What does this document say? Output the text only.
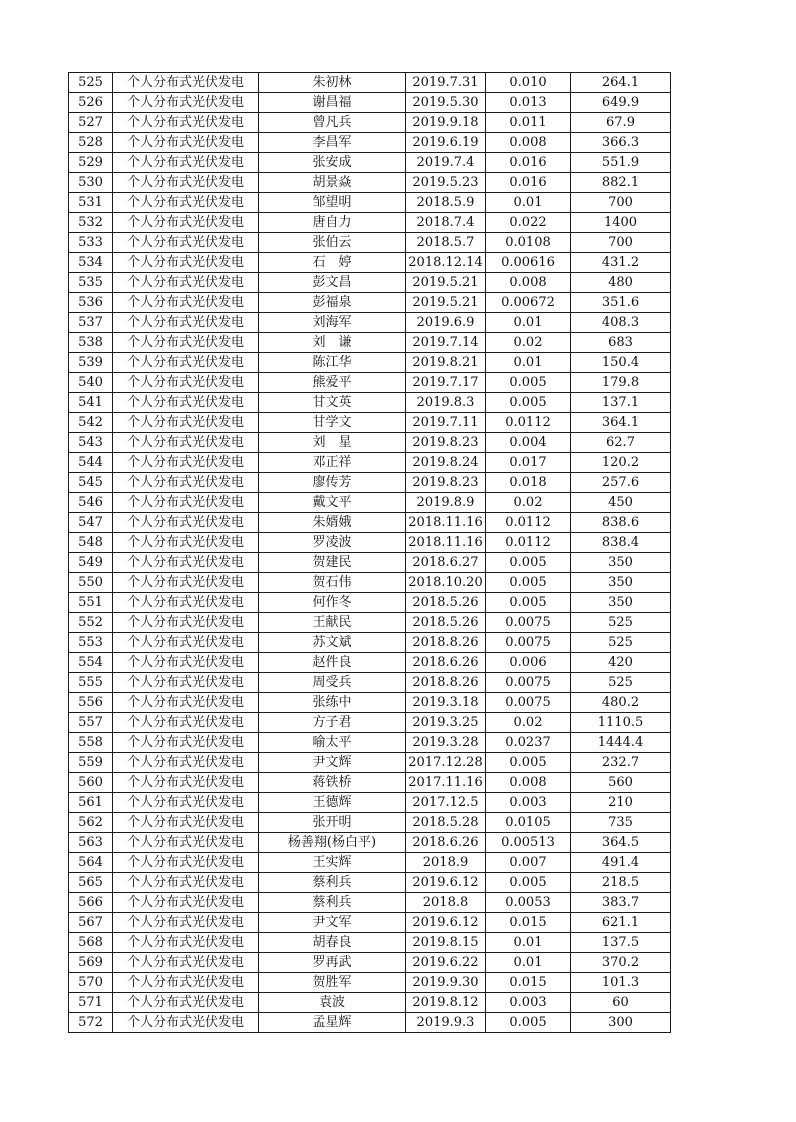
525	个人分布式光伏发电	朱初林	2019.7.31	0.010	264.1
526	个人分布式光伏发电	谢昌福	2019.5.30	0.013	649.9
527	个人分布式光伏发电	曾凡兵	2019.9.18	0.011	67.9
528	个人分布式光伏发电	李昌军	2019.6.19	0.008	366.3
529	个人分布式光伏发电	张安成	2019.7.4	0.016	551.9
530	个人分布式光伏发电	胡景焱	2019.5.23	0.016	882.1
531	个人分布式光伏发电	邹望明	2018.5.9	0.01	700
532	个人分布式光伏发电	唐自力	2018.7.4	0.022	1400
533	个人分布式光伏发电	张伯云	2018.5.7	0.0108	700
534	个人分布式光伏发电	石　婷	2018.12.14	0.00616	431.2
535	个人分布式光伏发电	彭文昌	2019.5.21	0.008	480
536	个人分布式光伏发电	彭福泉	2019.5.21	0.00672	351.6
537	个人分布式光伏发电	刘海军	2019.6.9	0.01	408.3
538	个人分布式光伏发电	刘　谦	2019.7.14	0.02	683
539	个人分布式光伏发电	陈江华	2019.8.21	0.01	150.4
540	个人分布式光伏发电	熊爱平	2019.7.17	0.005	179.8
541	个人分布式光伏发电	甘文英	2019.8.3	0.005	137.1
542	个人分布式光伏发电	甘学文	2019.7.11	0.0112	364.1
543	个人分布式光伏发电	刘　星	2019.8.23	0.004	62.7
544	个人分布式光伏发电	邓正祥	2019.8.24	0.017	120.2
545	个人分布式光伏发电	廖传芳	2019.8.23	0.018	257.6
546	个人分布式光伏发电	戴文平	2019.8.9	0.02	450
547	个人分布式光伏发电	朱婿娥	2018.11.16	0.0112	838.6
548	个人分布式光伏发电	罗凌波	2018.11.16	0.0112	838.4
549	个人分布式光伏发电	贺建民	2018.6.27	0.005	350
550	个人分布式光伏发电	贺石伟	2018.10.20	0.005	350
551	个人分布式光伏发电	何作冬	2018.5.26	0.005	350
552	个人分布式光伏发电	王献民	2018.5.26	0.0075	525
553	个人分布式光伏发电	苏文斌	2018.8.26	0.0075	525
554	个人分布式光伏发电	赵件良	2018.6.26	0.006	420
555	个人分布式光伏发电	周受兵	2018.8.26	0.0075	525
556	个人分布式光伏发电	张练中	2019.3.18	0.0075	480.2
557	个人分布式光伏发电	方子君	2019.3.25	0.02	1110.5
558	个人分布式光伏发电	喻太平	2019.3.28	0.0237	1444.4
559	个人分布式光伏发电	尹文辉	2017.12.28	0.005	232.7
560	个人分布式光伏发电	蒋铁桥	2017.11.16	0.008	560
561	个人分布式光伏发电	王德辉	2017.12.5	0.003	210
562	个人分布式光伏发电	张开明	2018.5.28	0.0105	735
563	个人分布式光伏发电	杨善翔(杨白平)	2018.6.26	0.00513	364.5
564	个人分布式光伏发电	王实辉	2018.9	0.007	491.4
565	个人分布式光伏发电	蔡利兵	2019.6.12	0.005	218.5
566	个人分布式光伏发电	蔡利兵	2018.8	0.0053	383.7
567	个人分布式光伏发电	尹文军	2019.6.12	0.015	621.1
568	个人分布式光伏发电	胡春良	2019.8.15	0.01	137.5
569	个人分布式光伏发电	罗再武	2019.6.22	0.01	370.2
570	个人分布式光伏发电	贺胜军	2019.9.30	0.015	101.3
571	个人分布式光伏发电	袁波	2019.8.12	0.003	60
572	个人分布式光伏发电	孟星辉	2019.9.3	0.005	300
